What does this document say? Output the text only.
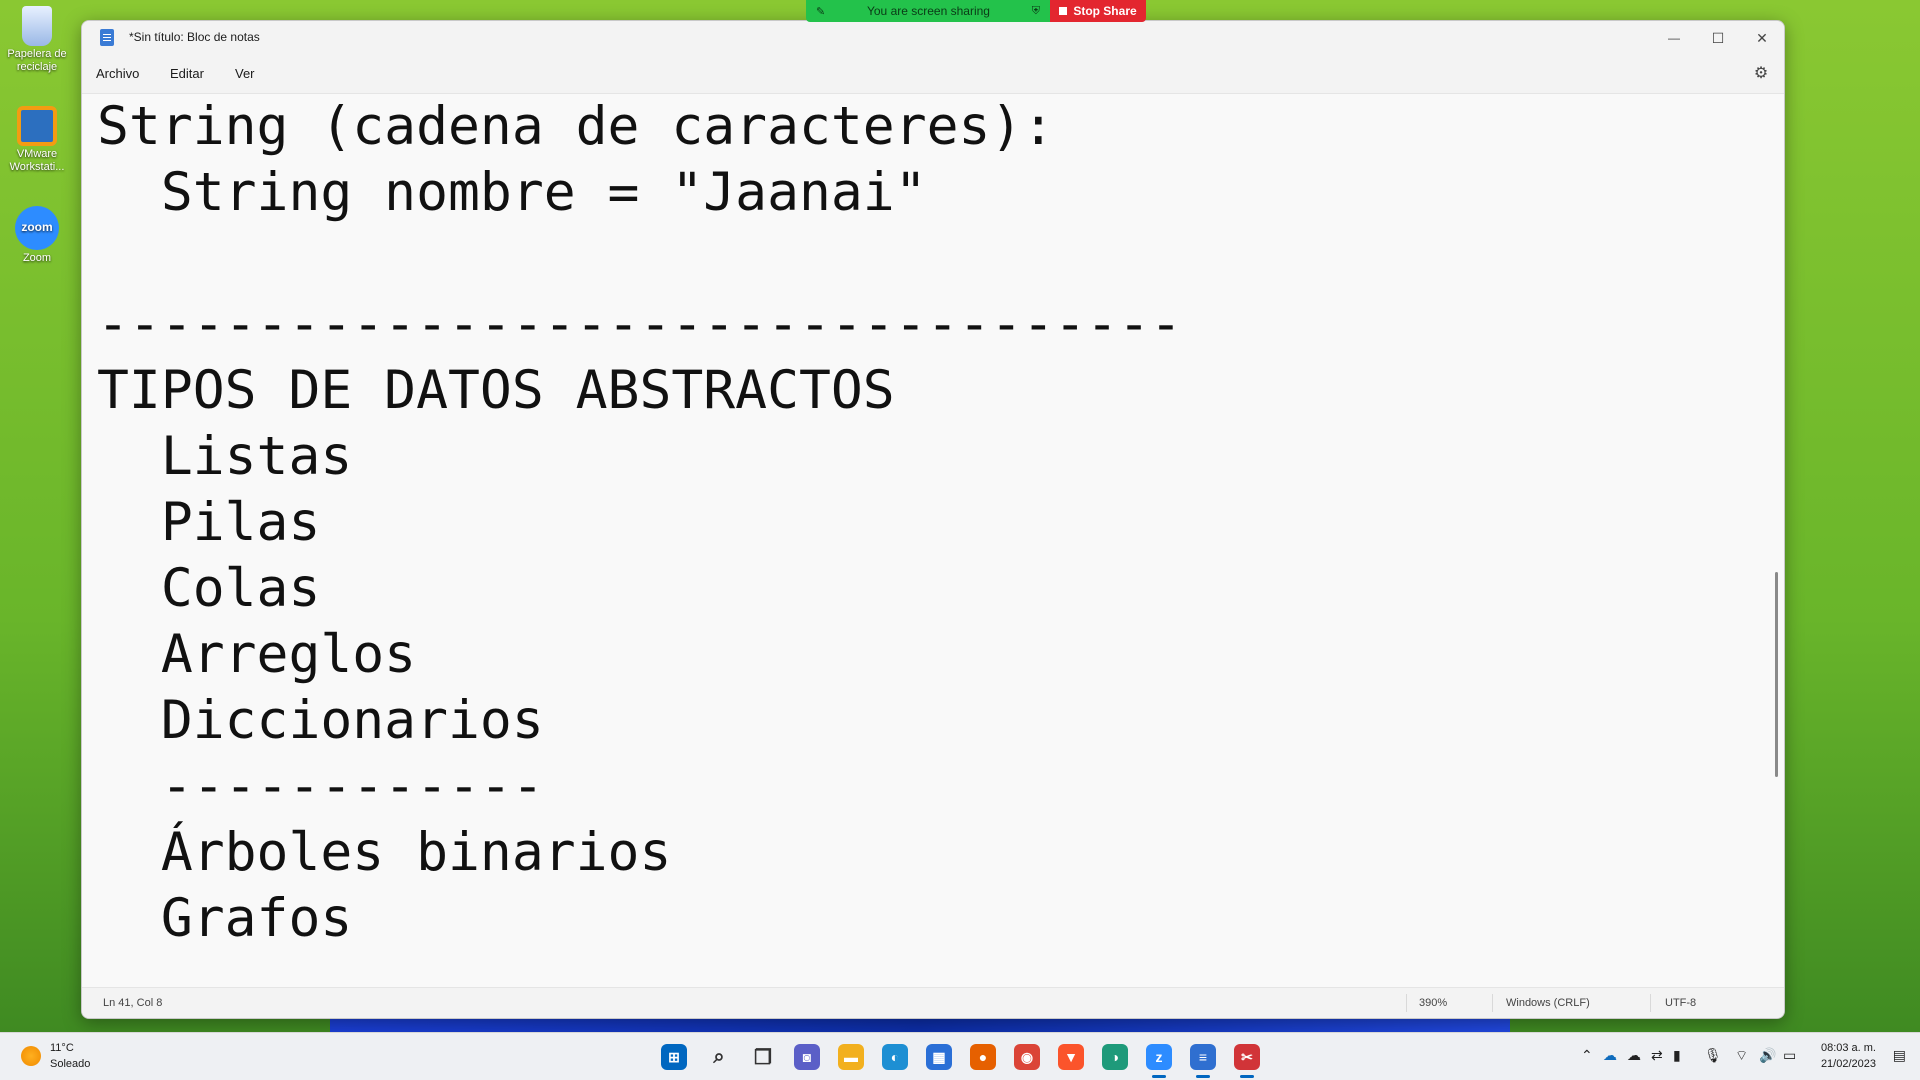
Papelera de reciclaje
VMware Workstati...
zoom
Zoom
✎	You are screen sharing	⛨	Stop Share
*Sin título: Bloc de notas	— ☐ ✕
Archivo Editar Ver	⚙
String (cadena de caracteres):
String nombre = "Jaanai"
----------------------------------
TIPOS DE DATOS ABSTRACTOS
Listas
Pilas
Colas
Arreglos
Diccionarios
------------
Árboles binarios
Grafos
Ln 41, Col 8	390%	Windows (CRLF)	UTF-8
11°C
Soleado	⊞	⌕	❐	◙	▬	◐	▦	●	◉	▼	◑	z	≡	✂	⌃ ☁ ☁ ⇄ ▮ 🎙 ⌔ 🔊 ▭ 08:03 a. m.
21/02/2023
▤
